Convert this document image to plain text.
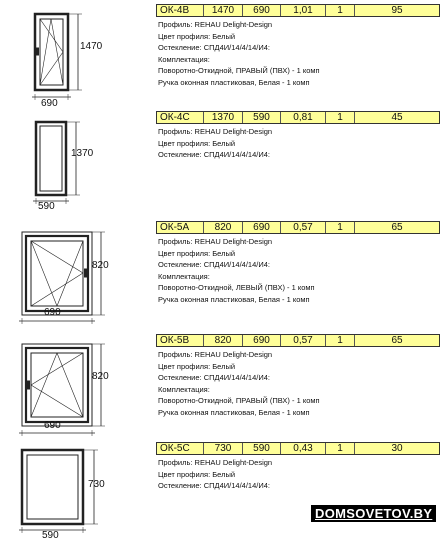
1470
690
ОК-4В	1470	690	1,01	1	95
Профиль: REHAU Delight-Design
Цвет профиля: Белый
Остекление: СПД4И/14/4/14/И4:
Комплектация:
Поворотно-Откидной, ПРАВЫЙ (ПВХ) - 1 комп
Ручка оконная пластиковая, Белая - 1 комп
1370
590
ОК-4С	1370	590	0,81	1	45
Профиль: REHAU Delight-Design
Цвет профиля: Белый
Остекление: СПД4И/14/4/14/И4:
820
ОК-5А	820	690	0,57	1	65
Профиль: REHAU Delight-Design
Цвет профиля: Белый
Остекление: СПД4И/14/4/14/И4:
Комплектация:
Поворотно-Откидной, ЛЕВЫЙ (ПВХ) - 1 комп
Ручка оконная пластиковая, Белая - 1 комп
690
820
ОК-5В	820	690	0,57	1	65
Профиль: REHAU Delight-Design
Цвет профиля: Белый
Остекление: СПД4И/14/4/14/И4:
Комплектация:
Поворотно-Откидной, ПРАВЫЙ (ПВХ) - 1 комп
Ручка оконная пластиковая, Белая - 1 комп
690
730
590
ОК-5С	730	590	0,43	1	30
Профиль: REHAU Delight-Design
Цвет профиля: Белый
Остекление: СПД4И/14/4/14/И4:
DOMSOVETOV.BY
